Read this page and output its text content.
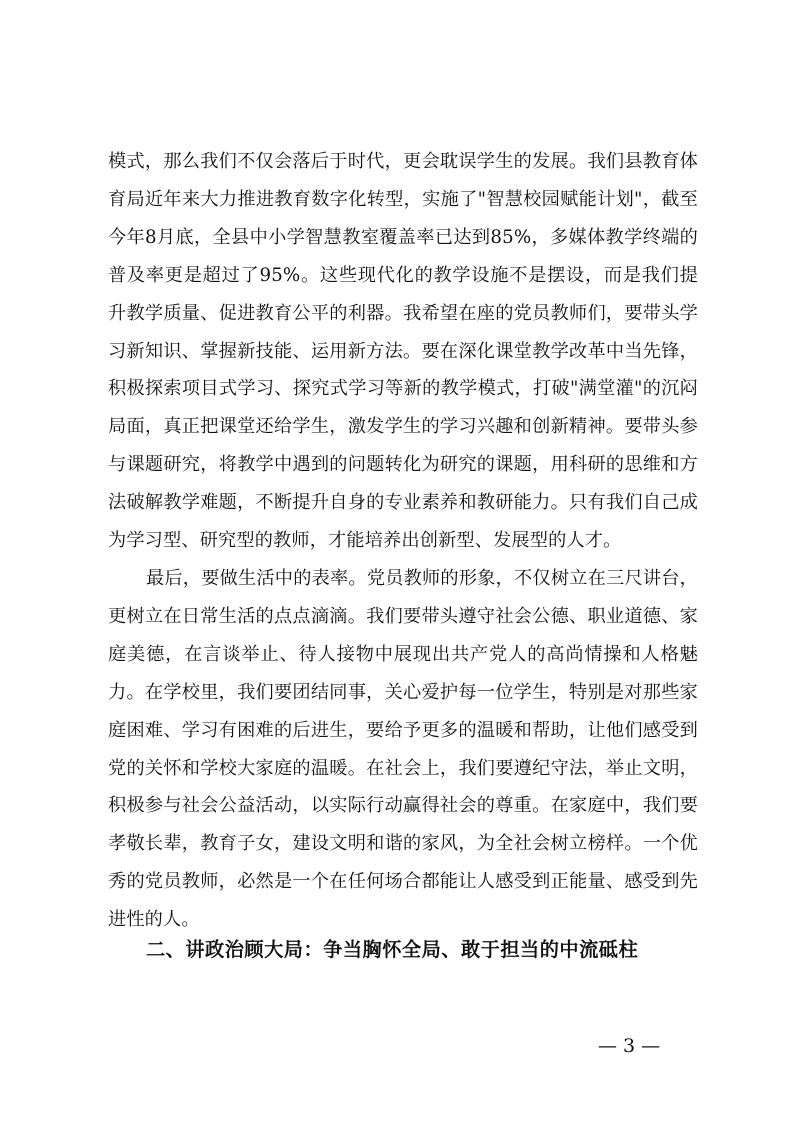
模式，那么我们不仅会落后于时代，更会耽误学生的发展。我们县教育体育局近年来大力推进教育数字化转型，实施了"智慧校园赋能计划"，截至今年8月底，全县中小学智慧教室覆盖率已达到85%，多媒体教学终端的普及率更是超过了95%。这些现代化的教学设施不是摆设，而是我们提升教学质量、促进教育公平的利器。我希望在座的党员教师们，要带头学习新知识、掌握新技能、运用新方法。要在深化课堂教学改革中当先锋，积极探索项目式学习、探究式学习等新的教学模式，打破"满堂灌"的沉闷局面，真正把课堂还给学生，激发学生的学习兴趣和创新精神。要带头参与课题研究，将教学中遇到的问题转化为研究的课题，用科研的思维和方法破解教学难题，不断提升自身的专业素养和教研能力。只有我们自己成为学习型、研究型的教师，才能培养出创新型、发展型的人才。

最后，要做生活中的表率。党员教师的形象，不仅树立在三尺讲台，更树立在日常生活的点点滴滴。我们要带头遵守社会公德、职业道德、家庭美德，在言谈举止、待人接物中展现出共产党人的高尚情操和人格魅力。在学校里，我们要团结同事，关心爱护每一位学生，特别是对那些家庭困难、学习有困难的后进生，要给予更多的温暖和帮助，让他们感受到党的关怀和学校大家庭的温暖。在社会上，我们要遵纪守法，举止文明，积极参与社会公益活动，以实际行动赢得社会的尊重。在家庭中，我们要孝敬长辈，教育子女，建设文明和谐的家风，为全社会树立榜样。一个优秀的党员教师，必然是一个在任何场合都能让人感受到正能量、感受到先进性的人。

二、讲政治顾大局：争当胸怀全局、敢于担当的中流砥柱

— 3 —
